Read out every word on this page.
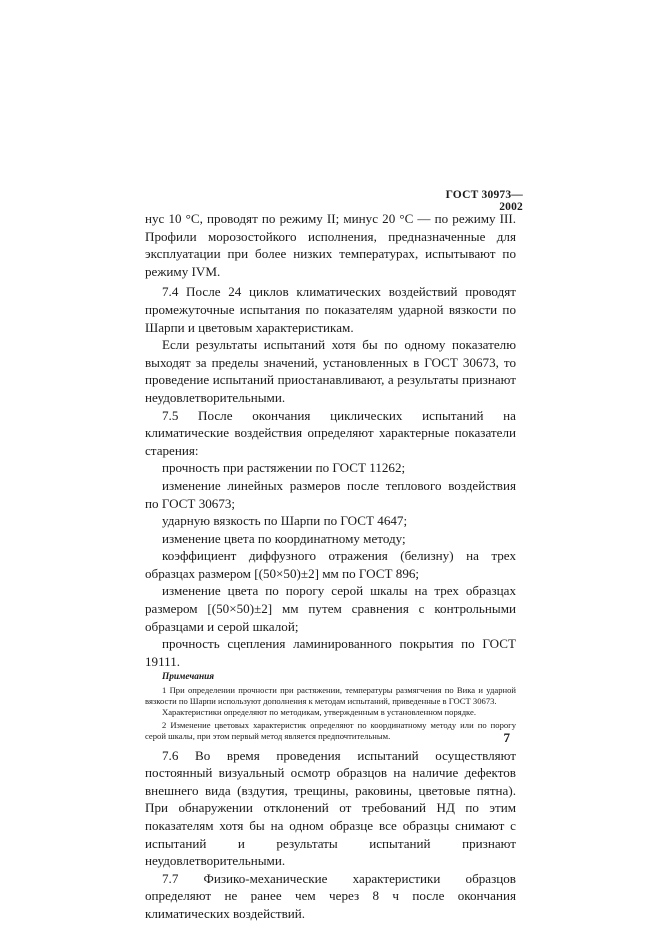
ГОСТ 30973—2002

нус 10 °С, проводят по режиму II; минус 20 °С — по режиму III. Профили морозостойкого исполнения, предназначенные для эксплуатации при более низких температурах, испытывают по режиму IVM.

7.4 После 24 циклов климатических воздействий проводят промежуточные испытания по показателям ударной вязкости по Шарпи и цветовым характеристикам.

Если результаты испытаний хотя бы по одному показателю выходят за пределы значений, установленных в ГОСТ 30673, то проведение испытаний приостанавливают, а результаты признают неудовлетворительными.

7.5 После окончания циклических испытаний на климатические воздействия определяют характерные показатели старения:

прочность при растяжении по ГОСТ 11262;

изменение линейных размеров после теплового воздействия по ГОСТ 30673;

ударную вязкость по Шарпи по ГОСТ 4647;

изменение цвета по координатному методу;

коэффициент диффузного отражения (белизну) на трех образцах размером [(50×50)±2] мм по ГОСТ 896;

изменение цвета по порогу серой шкалы на трех образцах размером [(50×50)±2] мм путем сравнения с контрольными образцами и серой шкалой;

прочность сцепления ламинированного покрытия по ГОСТ 19111.

Примечания

1 При определении прочности при растяжении, температуры размягчения по Вика и ударной вязкости по Шарпи используют дополнения к методам испытаний, приведенные в ГОСТ 30673.

Характеристики определяют по методикам, утвержденным в установленном порядке.

2 Изменение цветовых характеристик определяют по координатному методу или по порогу серой шкалы, при этом первый метод является предпочтительным.

7.6 Во время проведения испытаний осуществляют постоянный визуальный осмотр образцов на наличие дефектов внешнего вида (вздутия, трещины, раковины, цветовые пятна). При обнаружении отклонений от требований НД по этим показателям хотя бы на одном образце все образцы снимают с испытаний и результаты испытаний признают неудовлетворительными.

7.7 Физико-механические характеристики образцов определяют не ранее чем через 8 ч после окончания климатических воздействий.

7
